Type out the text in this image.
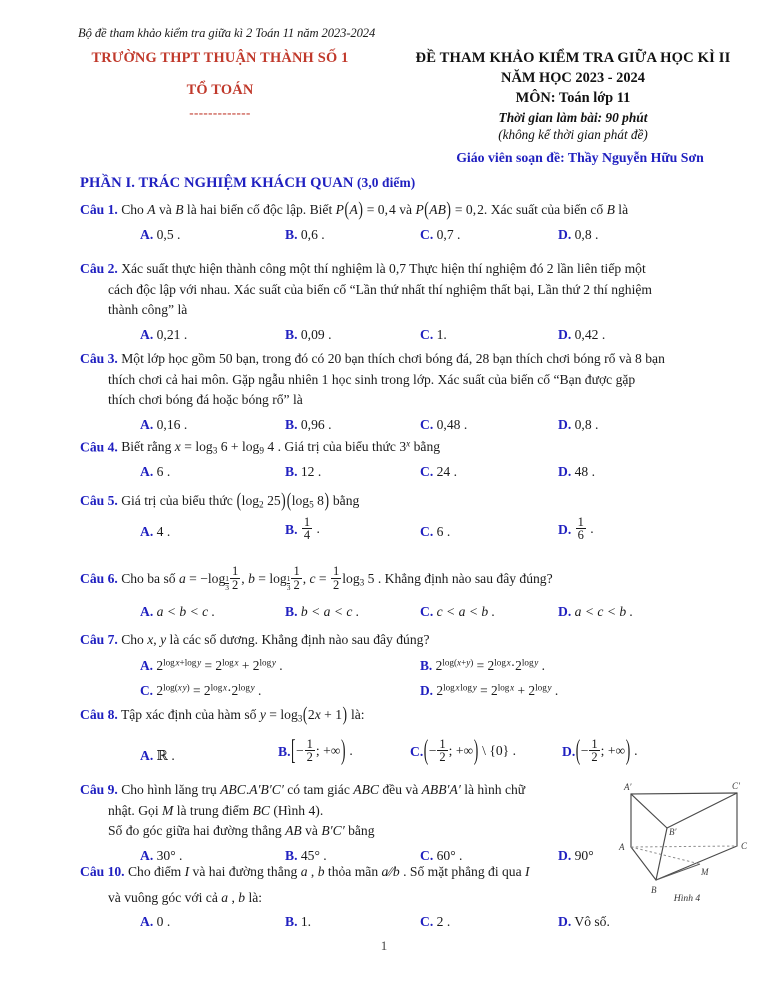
Bộ đề tham khảo kiểm tra giữa kì 2 Toán 11 năm 2023-2024
TRƯỜNG THPT THUẬN THÀNH SỐ 1
TỔ TOÁN
-------------
ĐỀ THAM KHẢO KIỂM TRA GIỮA HỌC KÌ II
NĂM HỌC 2023 - 2024
MÔN: Toán lớp 11
Thời gian làm bài: 90 phút
(không kể thời gian phát đề)
Giáo viên soạn đề: Thầy Nguyễn Hữu Sơn
PHẦN I. TRÁC NGHIỆM KHÁCH QUAN (3,0 điểm)
Câu 1. Cho A và B là hai biến cố độc lập. Biết P(A) = 0,4 và P(AB) = 0,2. Xác suất của biến cố B là
A. 0,5 .	B. 0,6 .	C. 0,7 .	D. 0,8 .
Câu 2. Xác suất thực hiện thành công một thí nghiệm là 0,7 Thực hiện thí nghiệm đó 2 lần liên tiếp một
cách độc lập với nhau. Xác suất của biến cố “Lần thứ nhất thí nghiệm thất bại, Lần thứ 2 thí nghiệm
thành công” là
A. 0,21 .	B. 0,09 .	C. 1.	D. 0,42 .
Câu 3. Một lớp học gồm 50 bạn, trong đó có 20 bạn thích chơi bóng đá, 28 bạn thích chơi bóng rổ và 8 bạn
thích chơi cả hai môn. Gặp ngẫu nhiên 1 học sinh trong lớp. Xác suất của biến cố “Bạn được gặp
thích chơi bóng đá hoặc bóng rổ” là
A. 0,16 .	B. 0,96 .	C. 0,48 .	D. 0,8 .
Câu 4. Biết rằng $x = \log_3 6 + \log_9 4$ . Giá trị của biểu thức 3$^x$ bằng
A. 6 .	B. 12 .	C. 24 .	D. 48 .
Câu 5. Giá trị của biểu thức ($\log_2$ $25)(\log_5$ 8) bằng
A. 4 .	B. $\frac{1}{4}$ .	C. 6 .	D. $\frac{1}{6}$ .
Câu 6. Cho ba số $a = -\log \frac{1}{3} \frac{1}{2}$ , $b = \log \frac{1}{3} \frac{1}{2}$ , $c = \frac{1}{2} \log_3 5$ . Khẳng định nào sau đây đúng?
A. a < b < c .	B. b < a < c .	C. c < a < b .	D. a < c < b .
Câu 7. Cho x, y là các số dương. Khẳng định nào sau đây đúng?
A. $2^{log x+log y} = 2^{log x} + 2^{log y}$ .	B. $2^{log(x+y)} = 2^{log x}\cdot 2^{log y}$ .
C. $2^{log(x y)} = 2^{log x}\cdot 2^{log y}$ .	D. $2^{log x log y} = 2^{log x} + 2^{log y}$ .
Câu 8. Tập xác định của hàm số $y = \log_3(2x + 1)$ là:
A. ℝ .	$B.[- \frac{1}{2}$ ; +∞) .	$C.(- \frac{1}{2}$ ; +∞) \ {0} .	$D.(- \frac{1}{2}$ ; +∞) .
Câu 9. Cho hình lăng trụ ABC.A′B′C′ có tam giác ABC đều và ABB′A′ là hình chữ
nhật. Gọi M là trung điểm BC (Hình 4).
Số đo góc giữa hai đường thẳng AB và B′C′ bằng
A. 30° .	B. 45° .	C. 60° .	D. 90°
Câu 10. Cho điểm I và hai đường thẳng a , b thỏa mãn a∕∕b . Số mặt phẳng đi qua I
và vuông góc với cả a , b là:
A. 0 .	B. 1.	C. 2 .	D. Vô số.
A′	C′
B′
A	C
M
B
Hình 4
1
